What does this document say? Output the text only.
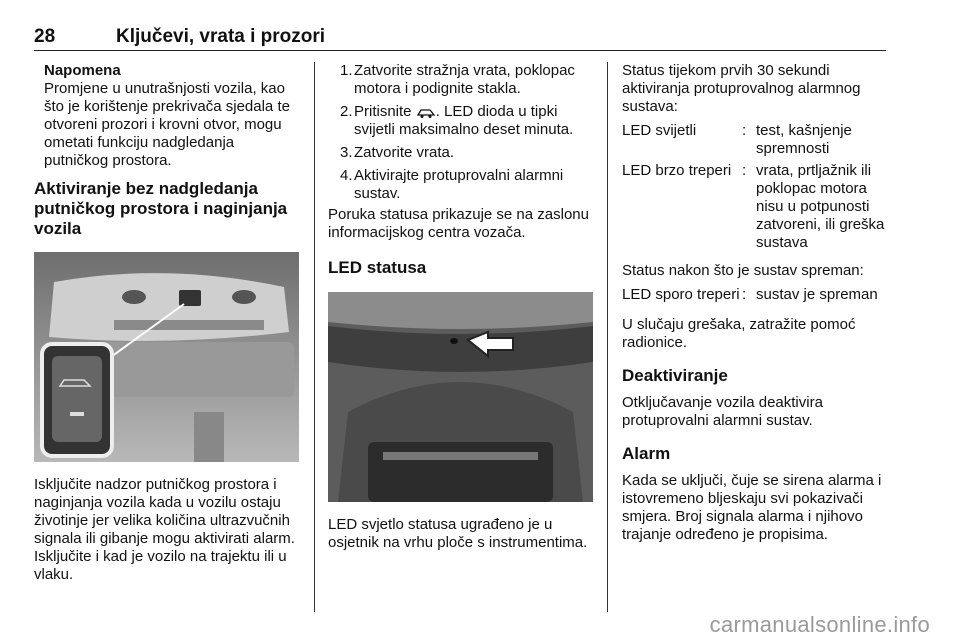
28	Ključevi, vrata i prozori
Napomena
Promjene u unutrašnjosti vozila, kao što je korištenje prekrivača sjedala te otvoreni prozori i krovni otvor, mogu ometati funkciju nadgledanja putničkog prostora.
Aktiviranje bez nadgledanja putničkog prostora i naginjanja vozila

Isključite nadzor putničkog prostora i naginjanja vozila kada u vozilu ostaju životinje jer velika količina ultrazvučnih signala ili gibanje mogu aktivirati alarm. Isključite i kad je vozilo na trajektu ili u vlaku.

1. Zatvorite stražnja vrata, poklopac motora i podignite stakla.
2. Pritisnite . LED dioda u tipki svijetli maksimalno deset minuta.
3. Zatvorite vrata.
4. Aktivirajte protuprovalni alarmni sustav.

Poruka statusa prikazuje se na zaslonu informacijskog centra vozača.

LED statusa

LED svjetlo statusa ugrađeno je u osjetnik na vrhu ploče s instrumentima.

Status tijekom prvih 30 sekundi aktiviranja protuprovalnog alarmnog sustava:

LED svijetli	: test, kašnjenje spremnosti
LED brzo treperi : vrata, prtljažnik ili poklopac motora nisu u potpunosti zatvoreni, ili greška sustava

Status nakon što je sustav spreman:

LED sporo treperi : sustav je spreman

U slučaju grešaka, zatražite pomoć radionice.

Deaktiviranje

Otključavanje vozila deaktivira protuprovalni alarmni sustav.

Alarm

Kada se uključi, čuje se sirena alarma i istovremeno bljeskaju svi pokazivači smjera. Broj signala alarma i njihovo trajanje određeno je propisima.

carmanualsonline.info
